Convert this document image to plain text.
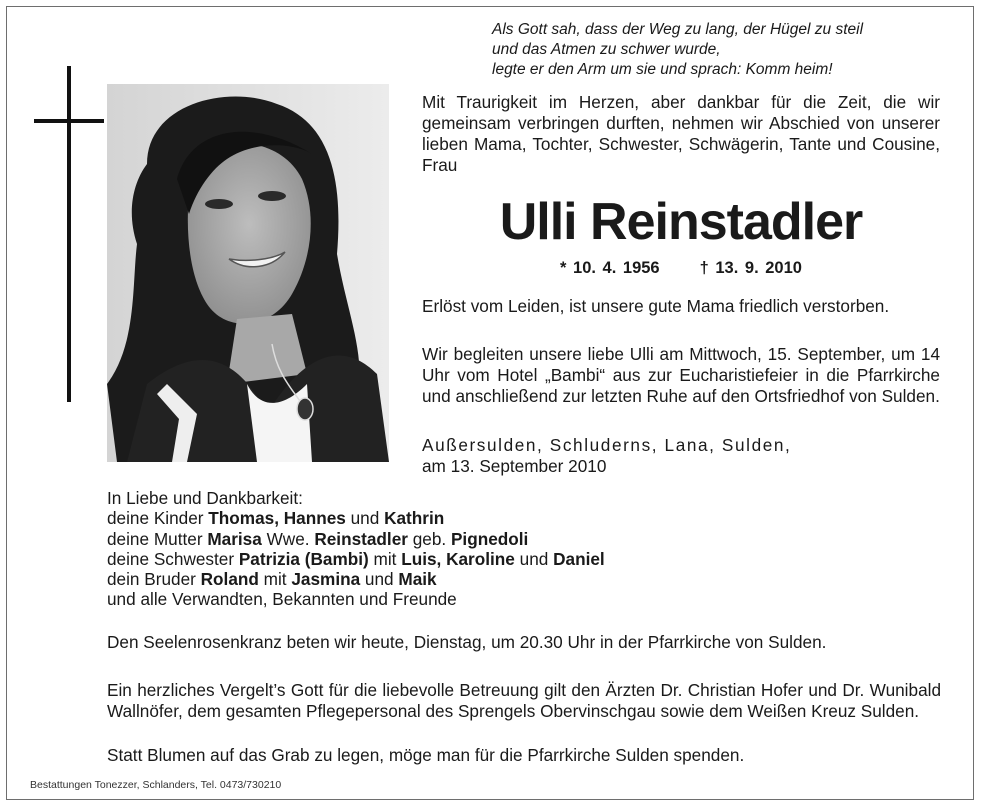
Als Gott sah, dass der Weg zu lang, der Hügel zu steil
und das Atmen zu schwer wurde,
legte er den Arm um sie und sprach: Komm heim!
Mit Traurigkeit im Herzen, aber dankbar für die Zeit, die wir gemeinsam verbringen durften, nehmen wir Abschied von unserer lieben Mama, Tochter, Schwester, Schwägerin, Tante und Cousine, Frau
Ulli Reinstadler
* 10. 4. 1956 † 13. 9. 2010
Erlöst vom Leiden, ist unsere gute Mama friedlich verstorben.
Wir begleiten unsere liebe Ulli am Mittwoch, 15. September, um 14 Uhr vom Hotel „Bambi“ aus zur Eucharistiefeier in die Pfarrkirche und anschließend zur letzten Ruhe auf den Ortsfriedhof von Sulden.
Außersulden, Schluderns, Lana, Sulden,
am 13. September 2010
In Liebe und Dankbarkeit:
deine Kinder Thomas, Hannes und Kathrin
deine Mutter Marisa Wwe. Reinstadler geb. Pignedoli
deine Schwester Patrizia (Bambi) mit Luis, Karoline und Daniel
dein Bruder Roland mit Jasmina und Maik
und alle Verwandten, Bekannten und Freunde
Den Seelenrosenkranz beten wir heute, Dienstag, um 20.30 Uhr in der Pfarrkirche von Sulden.
Ein herzliches Vergelt’s Gott für die liebevolle Betreuung gilt den Ärzten Dr. Christian Hofer und Dr. Wunibald Wallnöfer, dem gesamten Pflegepersonal des Sprengels Obervinschgau sowie dem Weißen Kreuz Sulden.
Statt Blumen auf das Grab zu legen, möge man für die Pfarrkirche Sulden spenden.
Bestattungen Tonezzer, Schlanders, Tel. 0473/730210
